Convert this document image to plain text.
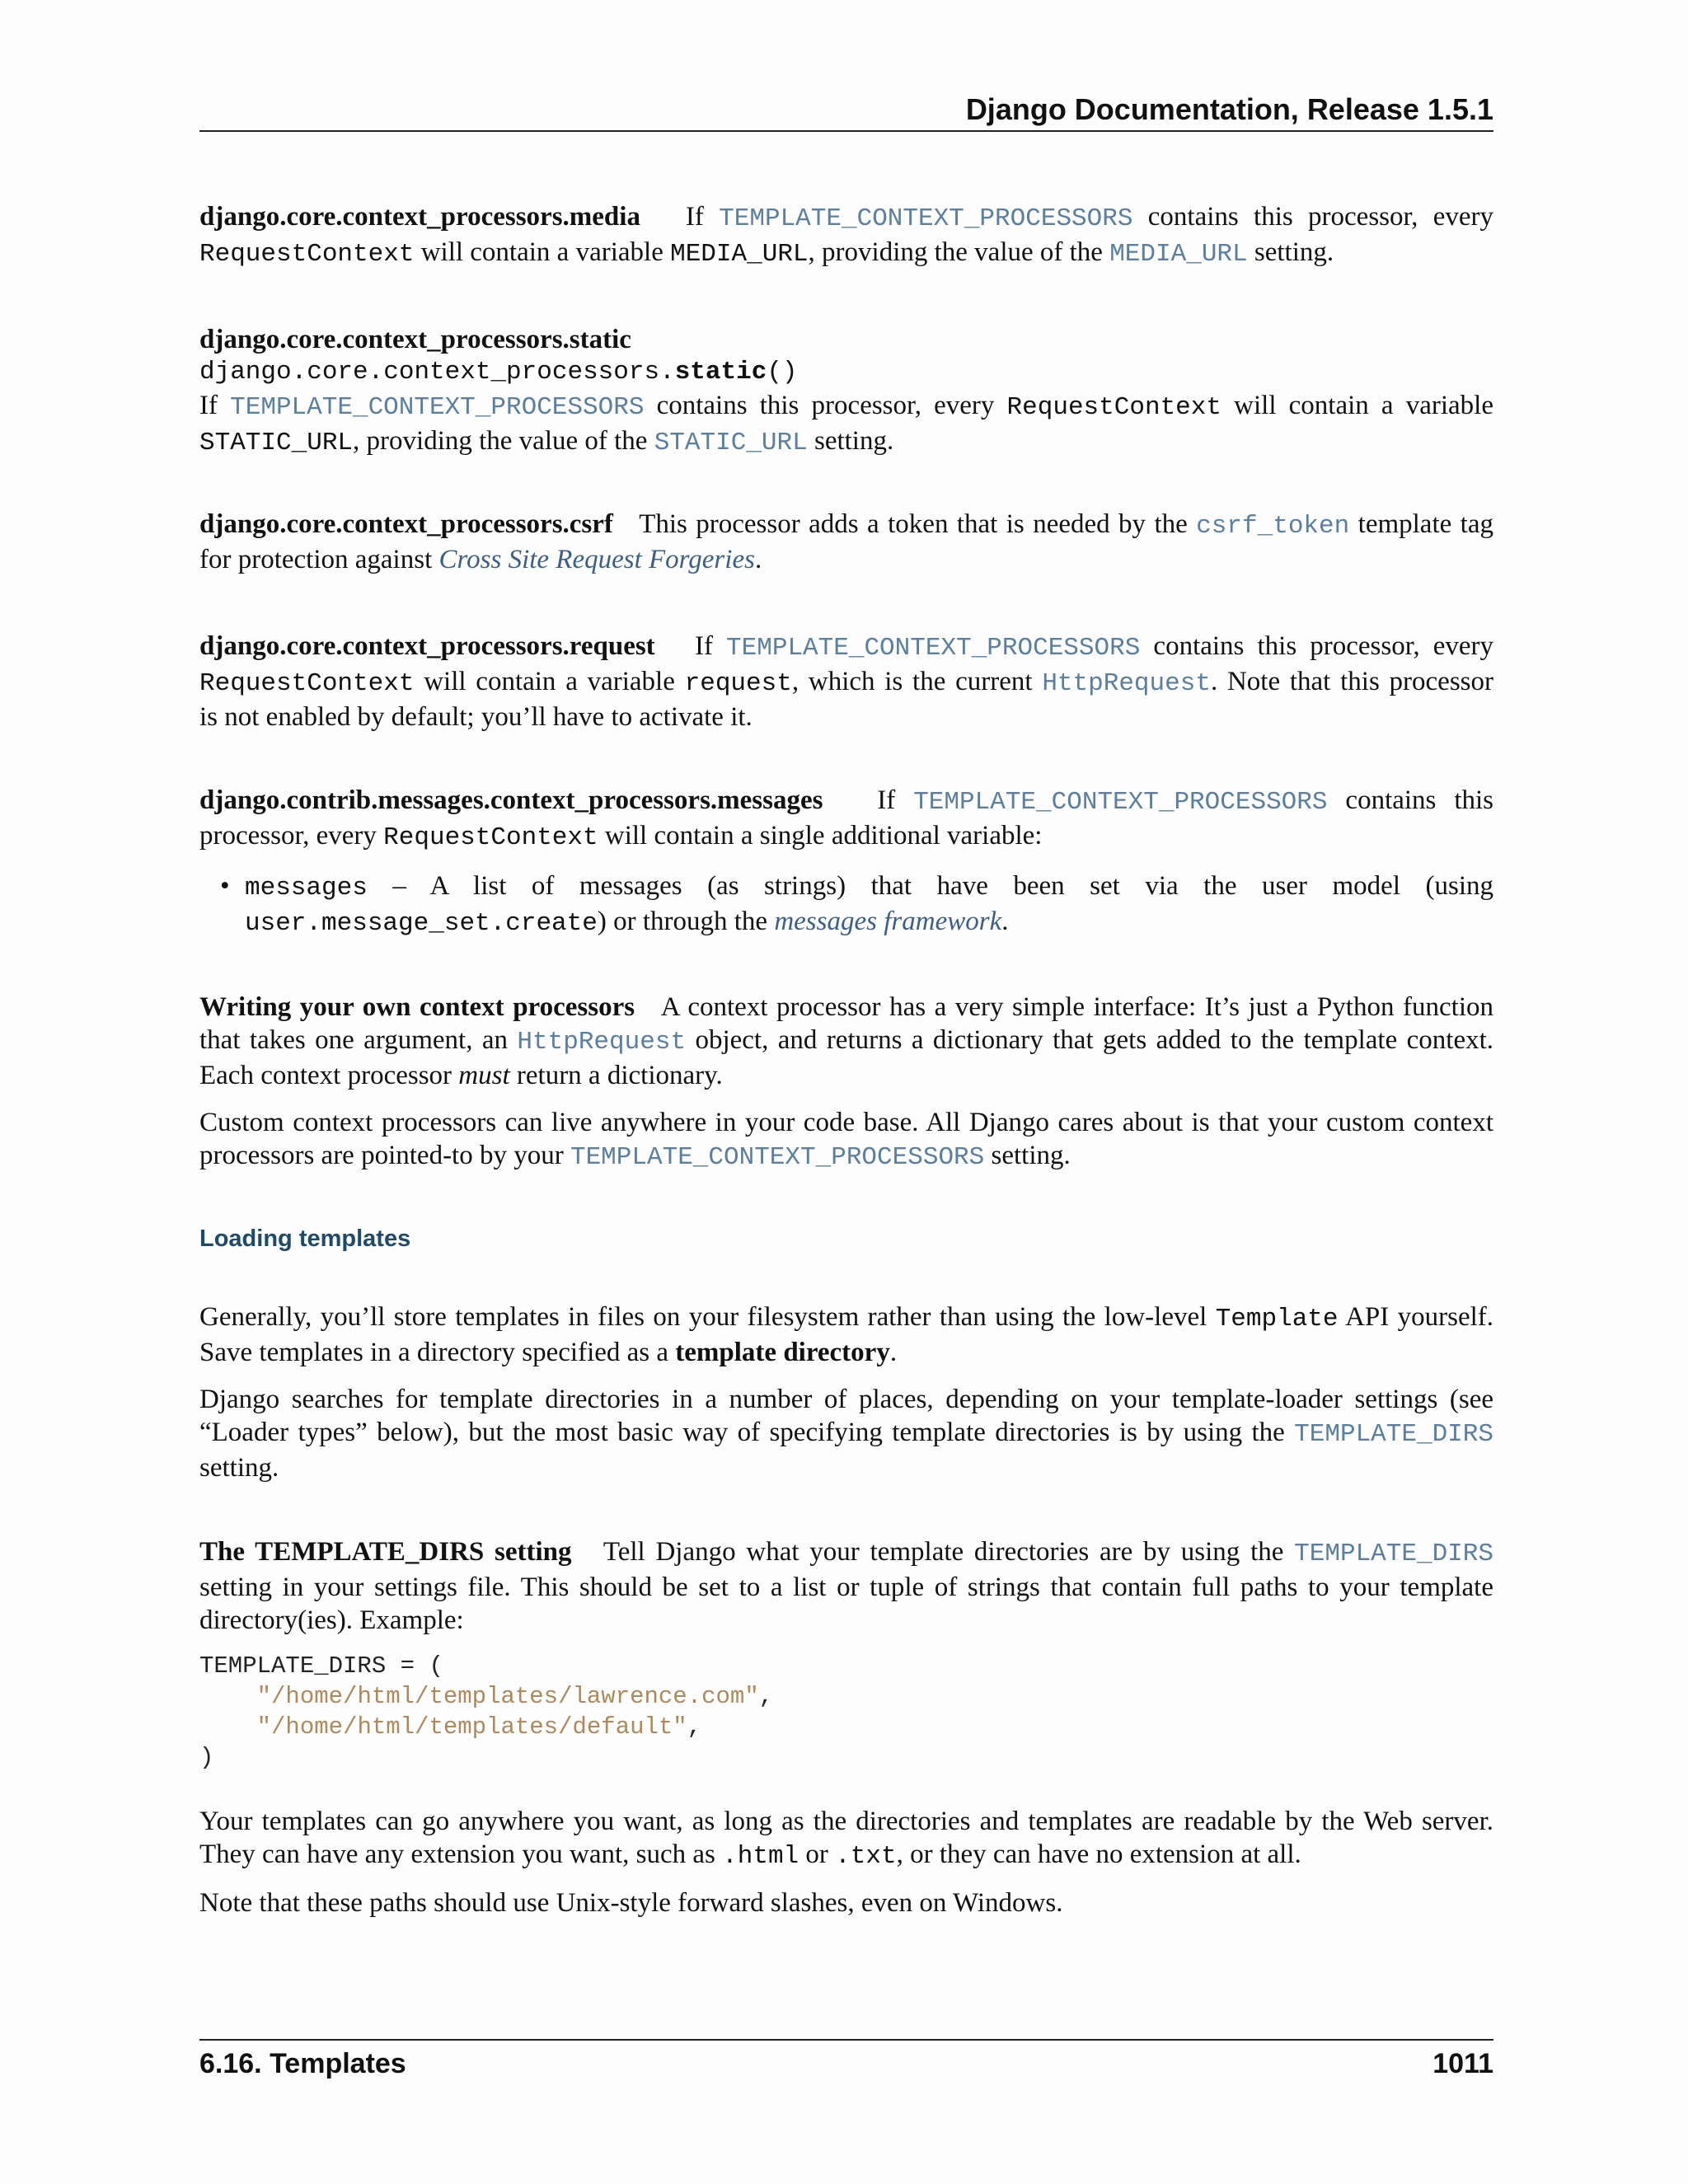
Django Documentation, Release 1.5.1

django.core.context_processors.media If TEMPLATE_CONTEXT_PROCESSORS contains this processor, every

RequestContext will contain a variable MEDIA_URL, providing the value of the MEDIA_URL setting.

django.core.context_processors.static

django.core.context_processors.static()

If TEMPLATE_CONTEXT_PROCESSORS contains this processor, every RequestContext will contain a variable

STATIC_URL, providing the value of the STATIC_URL setting.

django.core.context_processors.csrf This processor adds a token that is needed by the csrf_token template tag

for protection against Cross Site Request Forgeries.

django.core.context_processors.request If TEMPLATE_CONTEXT_PROCESSORS contains this processor, every

RequestContext will contain a variable request, which is the current HttpRequest. Note that this processor

is not enabled by default; you’ll have to activate it.

django.contrib.messages.context_processors.messages If TEMPLATE_CONTEXT_PROCESSORS contains this

processor, every RequestContext will contain a single additional variable:

• messages – A list of messages (as strings) that have been set via the user model (using

user.message_set.create) or through the messages framework.

Writing your own context processors A context processor has a very simple interface: It’s just a Python function

that takes one argument, an HttpRequest object, and returns a dictionary that gets added to the template context.

Each context processor must return a dictionary.

Custom context processors can live anywhere in your code base. All Django cares about is that your custom context

processors are pointed-to by your TEMPLATE_CONTEXT_PROCESSORS setting.

Loading templates

Generally, you’ll store templates in files on your filesystem rather than using the low-level Template API yourself.

Save templates in a directory specified as a template directory.

Django searches for template directories in a number of places, depending on your template-loader settings (see

“Loader types” below), but the most basic way of specifying template directories is by using the TEMPLATE_DIRS

setting.

The TEMPLATE_DIRS setting Tell Django what your template directories are by using the TEMPLATE_DIRS

setting in your settings file. This should be set to a list or tuple of strings that contain full paths to your template

directory(ies). Example:

TEMPLATE_DIRS = (
"/home/html/templates/lawrence.com",
"/home/html/templates/default",
)

Your templates can go anywhere you want, as long as the directories and templates are readable by the Web server.

They can have any extension you want, such as .html or .txt, or they can have no extension at all.

Note that these paths should use Unix-style forward slashes, even on Windows.

6.16. Templates	1011
